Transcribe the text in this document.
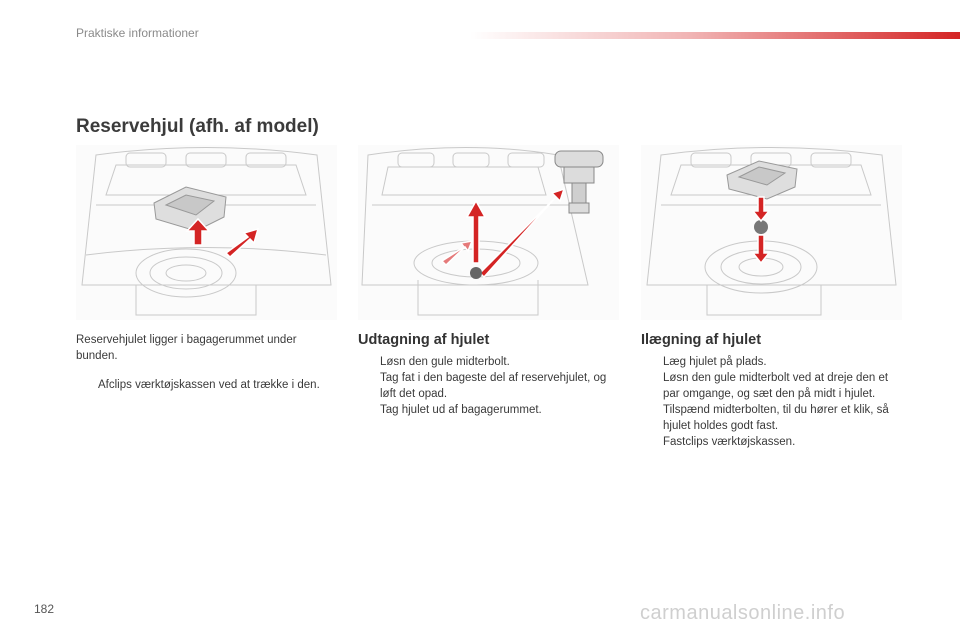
Praktiske informationer
Reservehjul (afh. af model)

Reservehjulet ligger i bagagerummet under bunden.

Afclips værktøjskassen ved at trække i den.
Udtagning af hjulet
Løsn den gule midterbolt.
Tag fat i den bageste del af reservehjulet, og løft det opad.
Tag hjulet ud af bagagerummet.
Ilægning af hjulet
Læg hjulet på plads.
Løsn den gule midterbolt ved at dreje den et par omgange, og sæt den på midt i hjulet.
Tilspænd midterbolten, til du hører et klik, så hjulet holdes godt fast.
Fastclips værktøjskassen.
182	carmanualsonline.info
